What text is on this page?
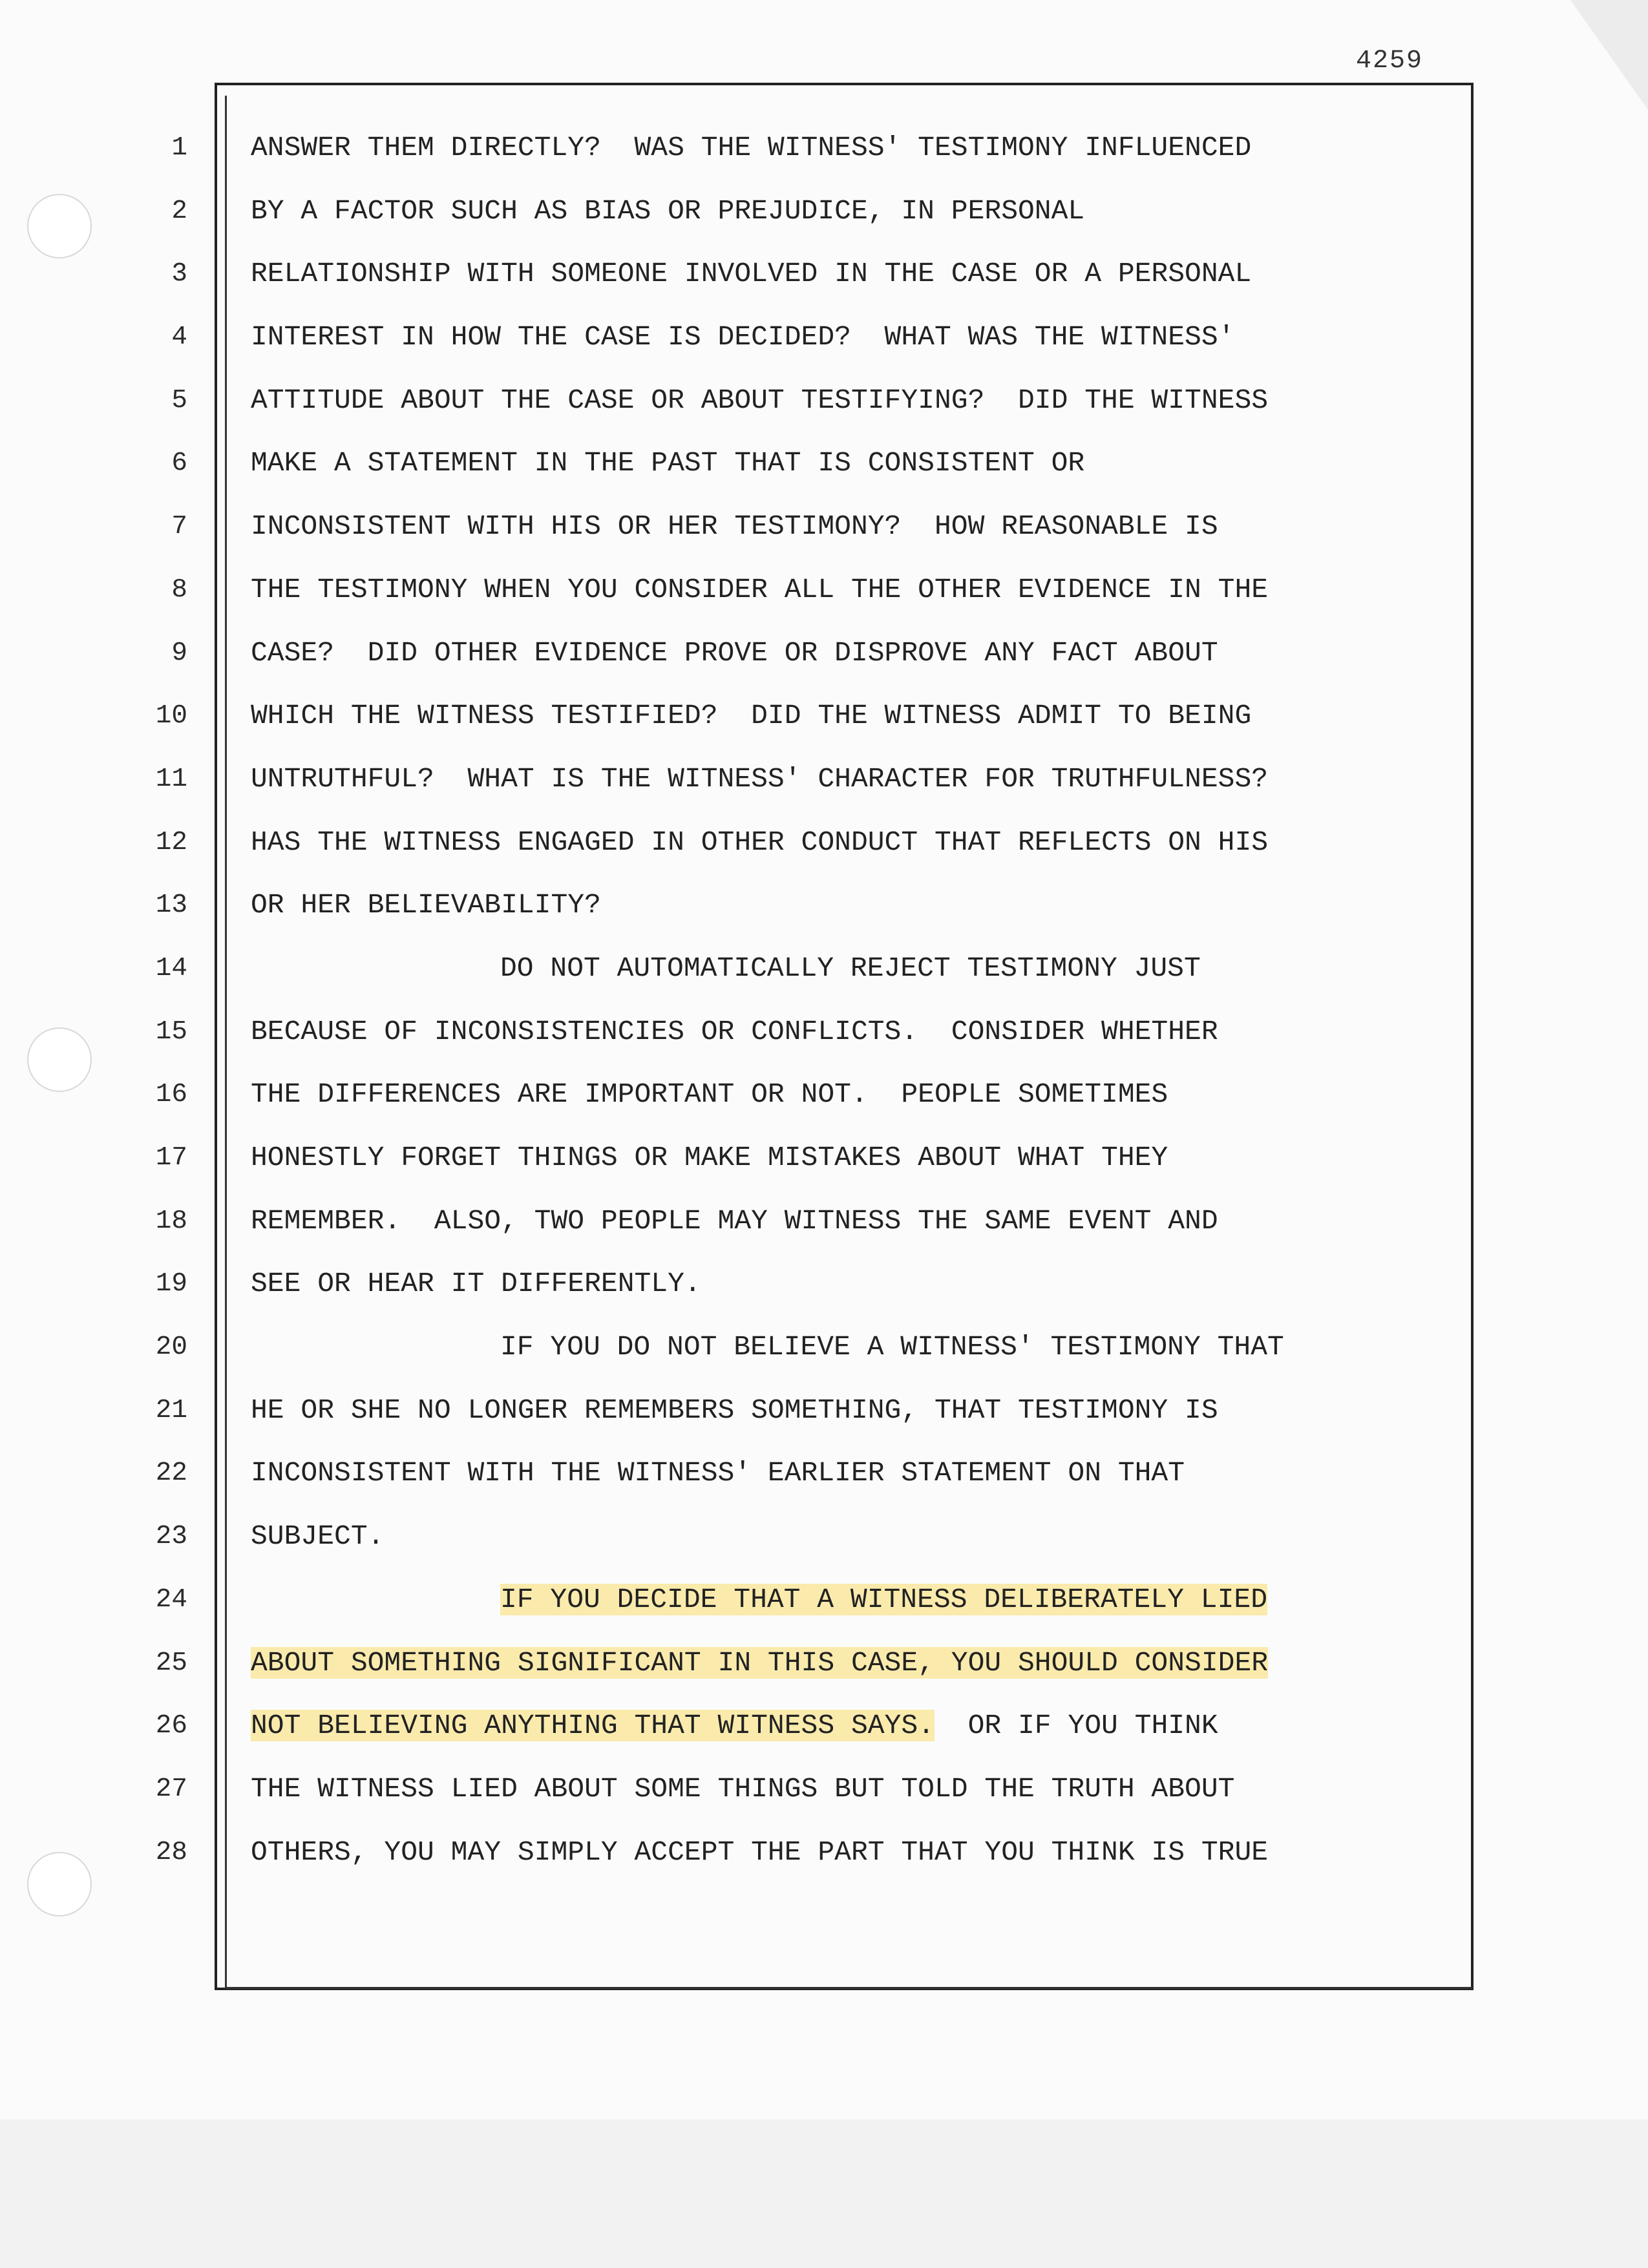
4259
1
2
3
4
5
6
7
8
9
10
11
12
13
14
15
16
17
18
19
20
21
22
23
24
25
26
27
28
ANSWER THEM DIRECTLY?  WAS THE WITNESS' TESTIMONY INFLUENCED
BY A FACTOR SUCH AS BIAS OR PREJUDICE, IN PERSONAL
RELATIONSHIP WITH SOMEONE INVOLVED IN THE CASE OR A PERSONAL
INTEREST IN HOW THE CASE IS DECIDED?  WHAT WAS THE WITNESS'
ATTITUDE ABOUT THE CASE OR ABOUT TESTIFYING?  DID THE WITNESS
MAKE A STATEMENT IN THE PAST THAT IS CONSISTENT OR
INCONSISTENT WITH HIS OR HER TESTIMONY?  HOW REASONABLE IS
THE TESTIMONY WHEN YOU CONSIDER ALL THE OTHER EVIDENCE IN THE
CASE?  DID OTHER EVIDENCE PROVE OR DISPROVE ANY FACT ABOUT
WHICH THE WITNESS TESTIFIED?  DID THE WITNESS ADMIT TO BEING
UNTRUTHFUL?  WHAT IS THE WITNESS' CHARACTER FOR TRUTHFULNESS?
HAS THE WITNESS ENGAGED IN OTHER CONDUCT THAT REFLECTS ON HIS
OR HER BELIEVABILITY?
DO NOT AUTOMATICALLY REJECT TESTIMONY JUST
BECAUSE OF INCONSISTENCIES OR CONFLICTS.  CONSIDER WHETHER
THE DIFFERENCES ARE IMPORTANT OR NOT.  PEOPLE SOMETIMES
HONESTLY FORGET THINGS OR MAKE MISTAKES ABOUT WHAT THEY
REMEMBER.  ALSO, TWO PEOPLE MAY WITNESS THE SAME EVENT AND
SEE OR HEAR IT DIFFERENTLY.
IF YOU DO NOT BELIEVE A WITNESS' TESTIMONY THAT
HE OR SHE NO LONGER REMEMBERS SOMETHING, THAT TESTIMONY IS
INCONSISTENT WITH THE WITNESS' EARLIER STATEMENT ON THAT
SUBJECT.
IF YOU DECIDE THAT A WITNESS DELIBERATELY LIED
ABOUT SOMETHING SIGNIFICANT IN THIS CASE, YOU SHOULD CONSIDER
NOT BELIEVING ANYTHING THAT WITNESS SAYS.  OR IF YOU THINK
THE WITNESS LIED ABOUT SOME THINGS BUT TOLD THE TRUTH ABOUT
OTHERS, YOU MAY SIMPLY ACCEPT THE PART THAT YOU THINK IS TRUE
